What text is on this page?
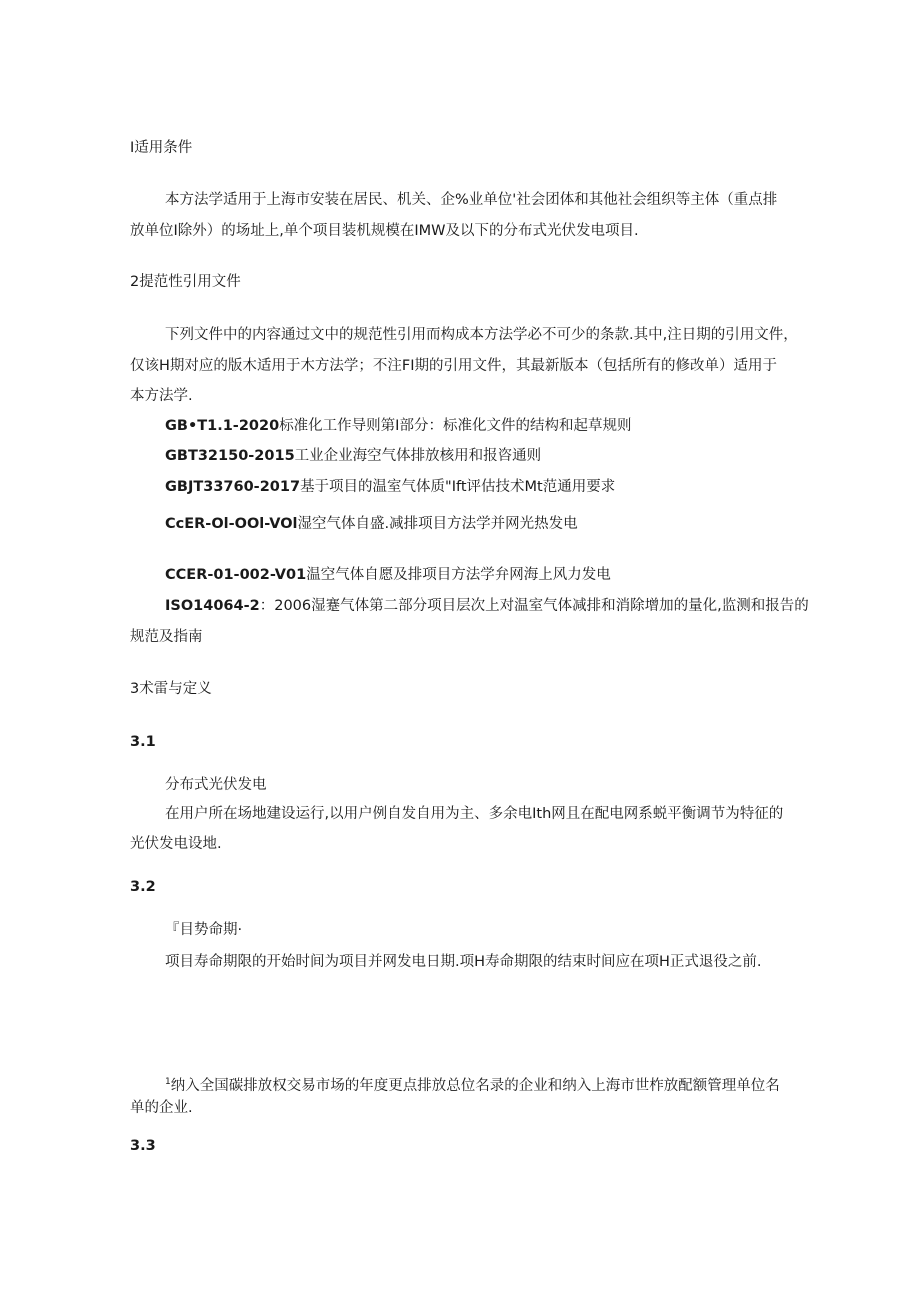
I适用条件
本方法学适用于上海市安装在居民、机关、企%业单位'社会团体和其他社会组织等主体（重点排
放单位I除外）的场址上,单个项目装机规模在IMW及以下的分布式光伏发电项目.
2提范性引用文件
下列文件中的内容通过文中的规范性引用而构成本方法学必不可少的条款.其中,注日期的引用文件，
仅该H期对应的版木适用于木方法学；不注FI期的引用文件，其最新版本（包括所有的修改单）适用于
本方法学.
GB•T1.1-2020标准化工作导则第I部分：标准化文件的结构和起草规则
GBT32150-2015工业企业海空气体排放核用和报咨通则
GBJT33760-2017基于项目的温室气体质"Ift评估技术Mt范通用要求
CcER-Ol-OOl-VOl湿空气体自盛.减排项目方法学并网光热发电
CCER-01-002-V01温空气体自愿及排项目方法学弁网海上风力发电
ISO14064-2：2006湿蹇气体第二部分项目层次上对温室气体减排和消除增加的量化,监测和报告的
规范及指南
3术雷与定义
3.1
分布式光伏发电
在用户所在场地建设运行,以用户例自发自用为主、多余电Ith网且在配电网系蜕平衡调节为特征的
光伏发电设地.
3.2
『目势命期·
项目寿命期限的开始时间为项目并网发电日期.项H寿命期限的结束时间应在项H正式退役之前.
$^1$纳入全国碳排放权交易市场的年度更点排放总位名录的企业和纳入上海市世柞放配额管理单位名
单的企业.
3.3
